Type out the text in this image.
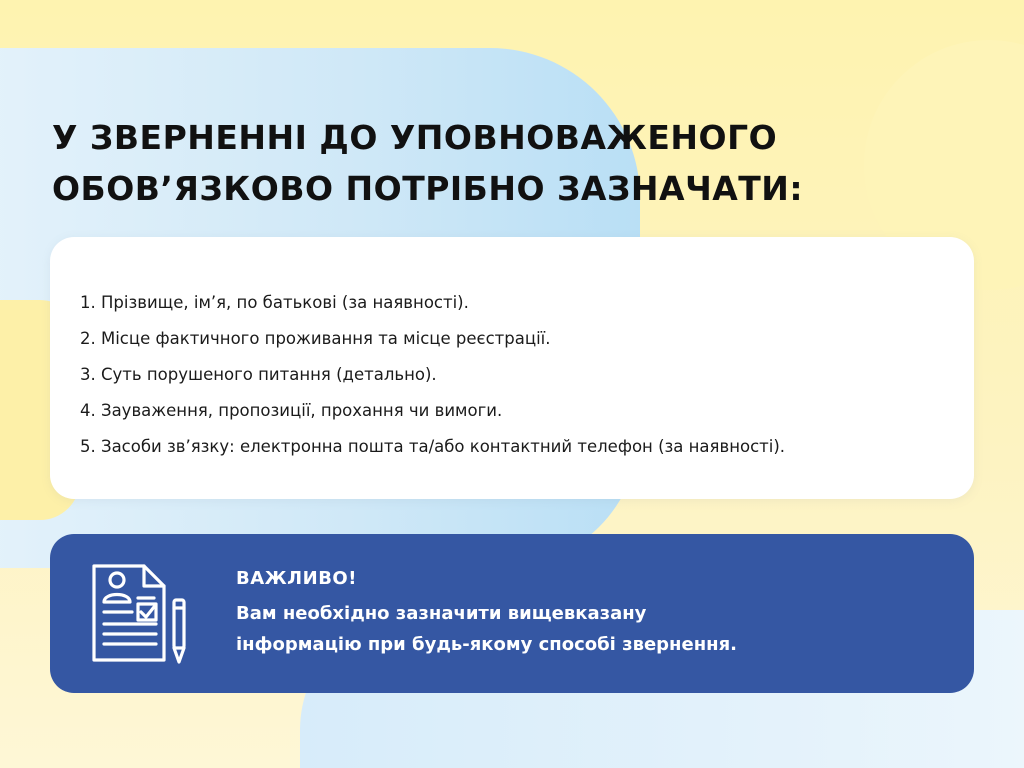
У ЗВЕРНЕННІ ДО УПОВНОВАЖЕНОГО
ОБОВ’ЯЗКОВО ПОТРІБНО ЗАЗНАЧАТИ:
1. Прізвище, ім’я, по батькові (за наявності).
2. Місце фактичного проживання та місце реєстрації.
3. Суть порушеного питання (детально).
4. Зауваження, пропозиції, прохання чи вимоги.
5. Засоби зв’язку: електронна пошта та/або контактний телефон (за наявності).
ВАЖЛИВО!
Вам необхідно зазначити вищевказану
інформацію при будь-якому способі звернення.
